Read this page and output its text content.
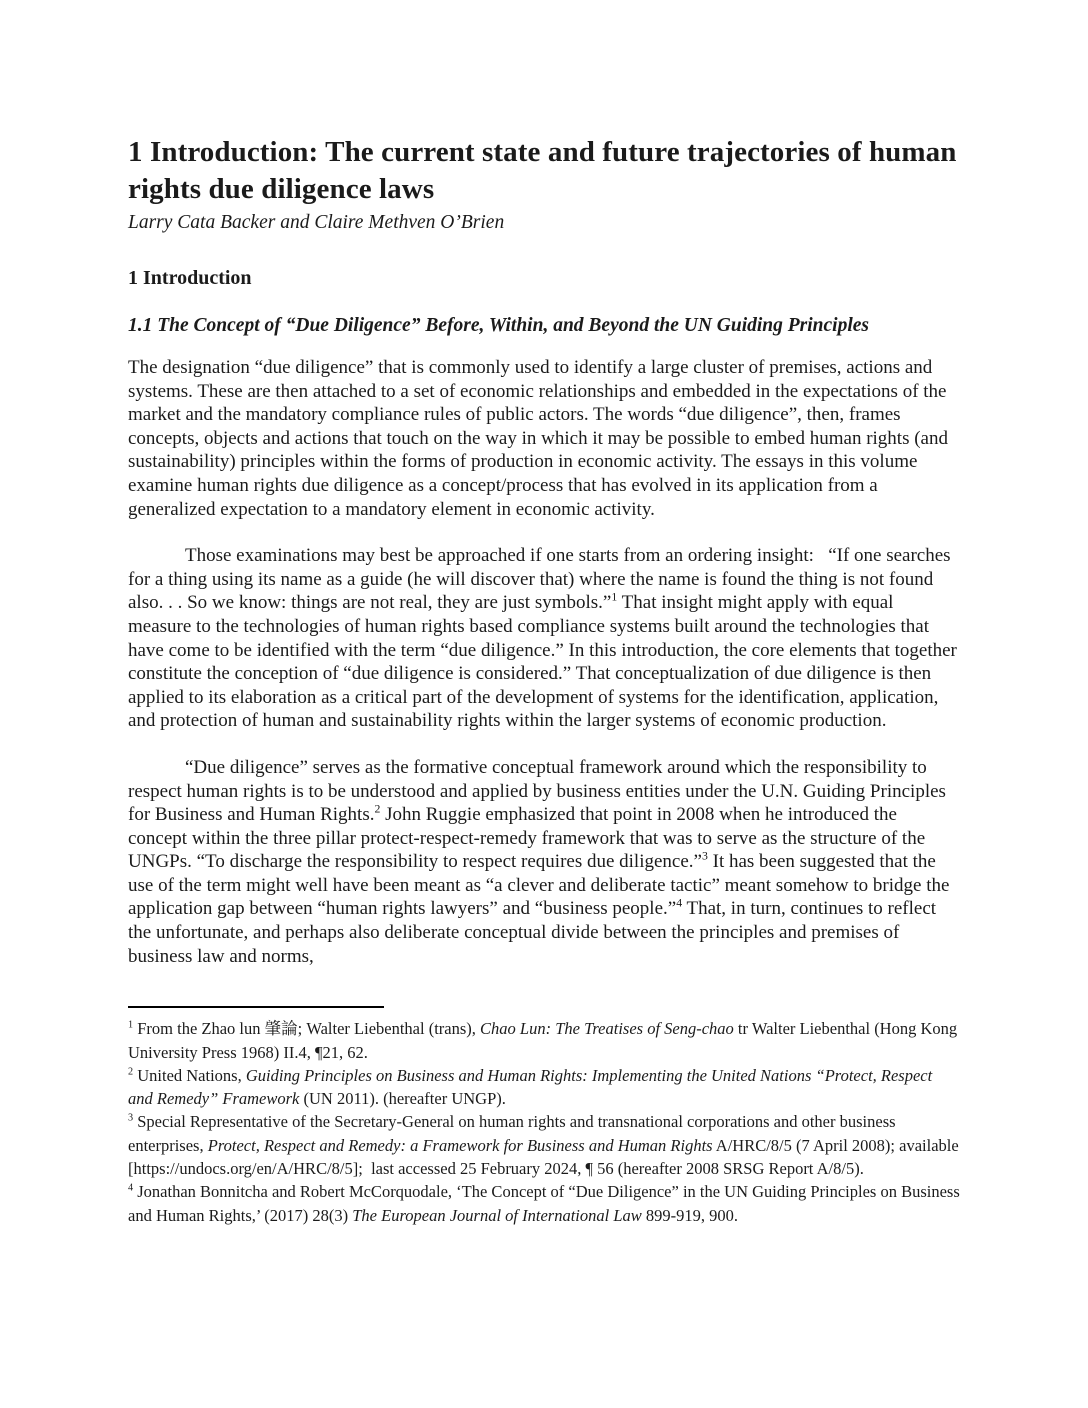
1 Introduction: The current state and future trajectories of human rights due diligence laws

Larry Cata Backer and Claire Methven O’Brien

1 Introduction
1.1 The Concept of “Due Diligence” Before, Within, and Beyond the UN Guiding Principles

The designation “due diligence” that is commonly used to identify a large cluster of premises, actions and systems. These are then attached to a set of economic relationships and embedded in the expectations of the market and the mandatory compliance rules of public actors. The words “due diligence”, then, frames concepts, objects and actions that touch on the way in which it may be possible to embed human rights (and sustainability) principles within the forms of production in economic activity. The essays in this volume examine human rights due diligence as a concept/process that has evolved in its application from a generalized expectation to a mandatory element in economic activity.

Those examinations may best be approached if one starts from an ordering insight:   “If one searches for a thing using its name as a guide (he will discover that) where the name is found the thing is not found also. . . So we know: things are not real, they are just symbols.”$^1$ That insight might apply with equal measure to the technologies of human rights based compliance systems built around the technologies that have come to be identified with the term “due diligence.” In this introduction, the core elements that together constitute the conception of “due diligence is considered.” That conceptualization of due diligence is then applied to its elaboration as a critical part of the development of systems for the identification, application, and protection of human and sustainability rights within the larger systems of economic production.

“Due diligence” serves as the formative conceptual framework around which the responsibility to respect human rights is to be understood and applied by business entities under the U.N. Guiding Principles for Business and Human Rights.$^2$ John Ruggie emphasized that point in 2008 when he introduced the concept within the three pillar protect-respect-remedy framework that was to serve as the structure of the UNGPs. “To discharge the responsibility to respect requires due diligence.”$^3$ It has been suggested that the use of the term might well have been meant as “a clever and deliberate tactic” meant somehow to bridge the application gap between “human rights lawyers” and “business people.”$^4$ That, in turn, continues to reflect the unfortunate, and perhaps also deliberate conceptual divide between the principles and premises of business law and norms,

$^1$ From the Zhao lun 肇論; Walter Liebenthal (trans), Chao Lun: The Treatises of Seng-chao tr Walter Liebenthal (Hong Kong University Press 1968) II.4, ¶21, 62.

$^2$ United Nations, Guiding Principles on Business and Human Rights: Implementing the United Nations “Protect, Respect and Remedy” Framework (UN 2011). (hereafter UNGP).

$^3$ Special Representative of the Secretary-General on human rights and transnational corporations and other business enterprises, Protect, Respect and Remedy: a Framework for Business and Human Rights A/HRC/8/5 (7 April 2008); available [https://undocs.org/en/A/HRC/8/5];  last accessed 25 February 2024, ¶ 56 (hereafter 2008 SRSG Report A/8/5).

$^4$ Jonathan Bonnitcha and Robert McCorquodale, ‘The Concept of “Due Diligence” in the UN Guiding Principles on Business and Human Rights,’ (2017) 28(3) The European Journal of International Law 899-919, 900.
